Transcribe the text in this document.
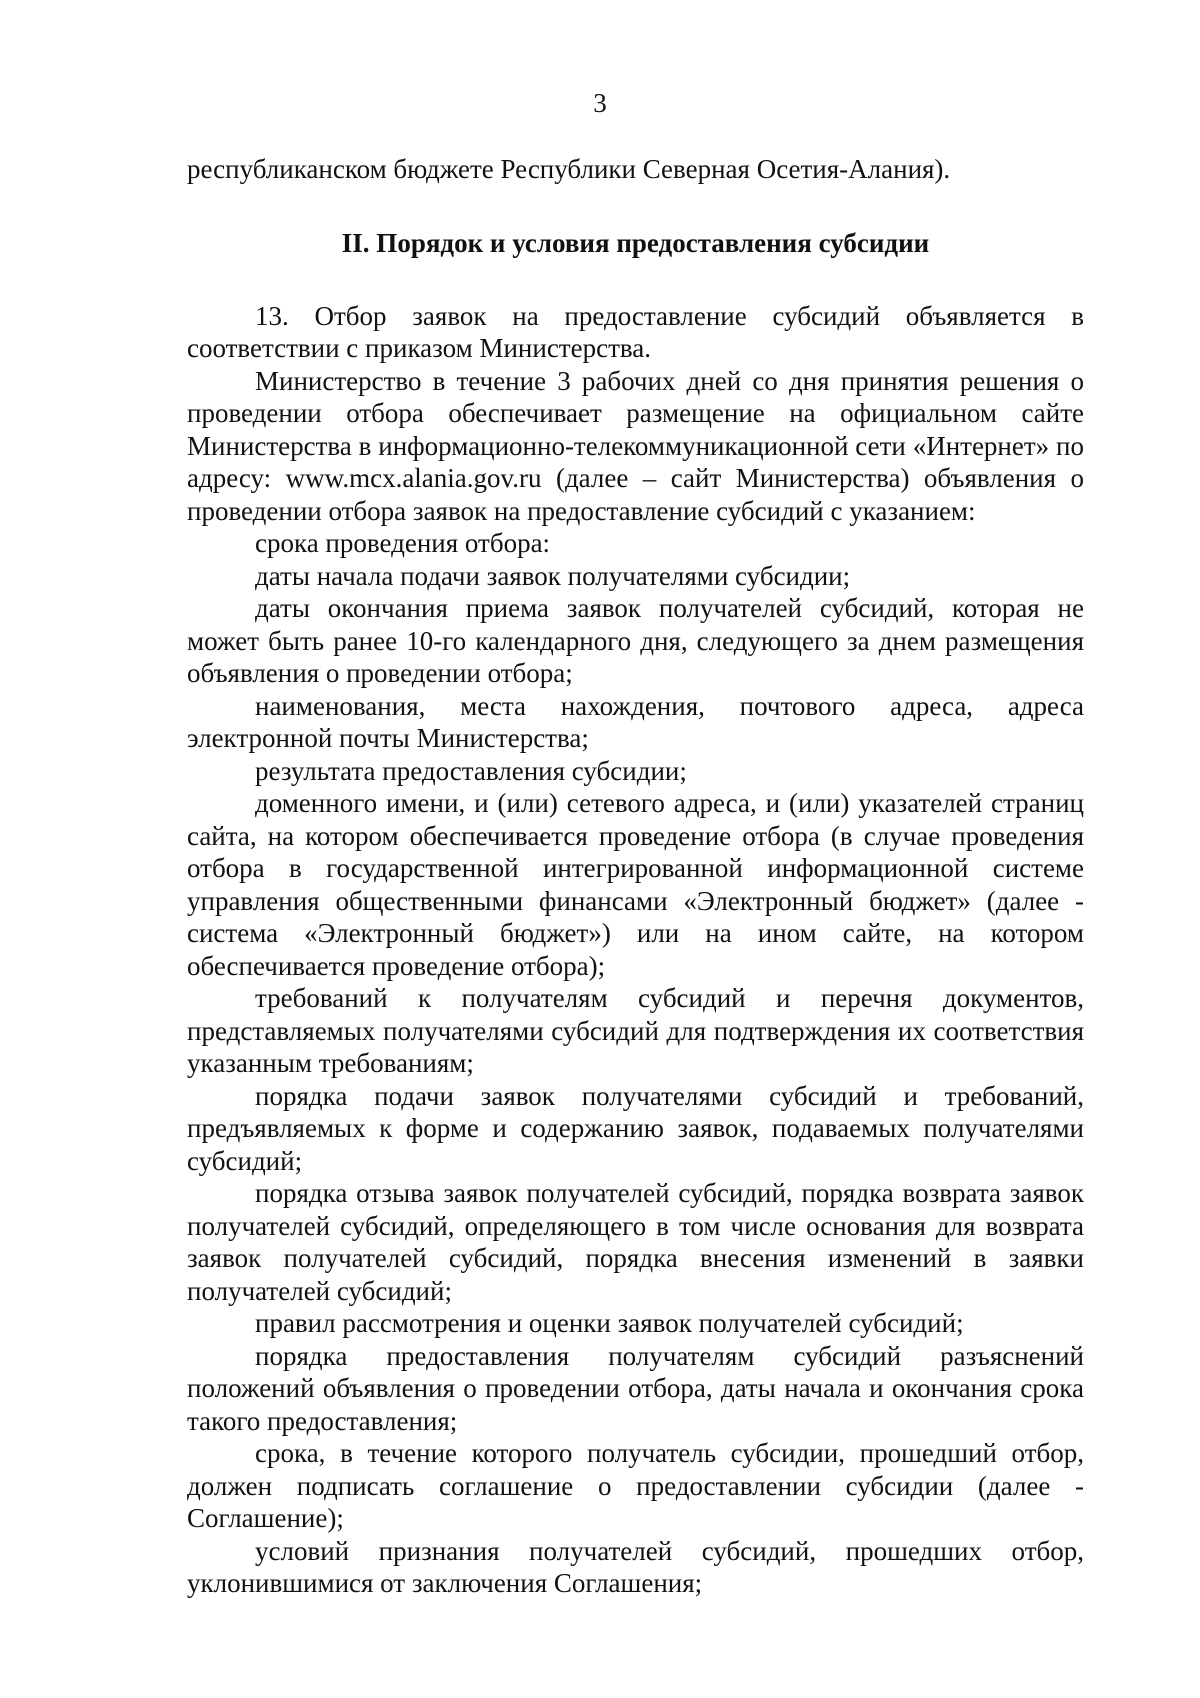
3

республиканском бюджете Республики Северная Осетия-Алания).

II. Порядок и условия предоставления субсидии

13. Отбор заявок на предоставление субсидий объявляется в соответствии с приказом Министерства.

Министерство в течение 3 рабочих дней со дня принятия решения о проведении отбора обеспечивает размещение на официальном сайте Министерства в информационно-телекоммуникационной сети «Интернет» по адресу: www.mcx.alania.gov.ru (далее – сайт Министерства) объявления о проведении отбора заявок на предоставление субсидий с указанием:

срока проведения отбора:

даты начала подачи заявок получателями субсидии;

даты окончания приема заявок получателей субсидий, которая не может быть ранее 10-го календарного дня, следующего за днем размещения объявления о проведении отбора;

наименования, места нахождения, почтового адреса, адреса электронной почты Министерства;

результата предоставления субсидии;

доменного имени, и (или) сетевого адреса, и (или) указателей страниц сайта, на котором обеспечивается проведение отбора (в случае проведения отбора в государственной интегрированной информационной системе управления общественными финансами «Электронный бюджет» (далее - система «Электронный бюджет») или на ином сайте, на котором обеспечивается проведение отбора);

требований к получателям субсидий и перечня документов, представляемых получателями субсидий для подтверждения их соответствия указанным требованиям;

порядка подачи заявок получателями субсидий и требований, предъявляемых к форме и содержанию заявок, подаваемых получателями субсидий;

порядка отзыва заявок получателей субсидий, порядка возврата заявок получателей субсидий, определяющего в том числе основания для возврата заявок получателей субсидий, порядка внесения изменений в заявки получателей субсидий;

правил рассмотрения и оценки заявок получателей субсидий;

порядка предоставления получателям субсидий разъяснений положений объявления о проведении отбора, даты начала и окончания срока такого предоставления;

срока, в течение которого получатель субсидии, прошедший отбор, должен подписать соглашение о предоставлении субсидии (далее - Соглашение);

условий признания получателей субсидий, прошедших отбор, уклонившимися от заключения Соглашения;
